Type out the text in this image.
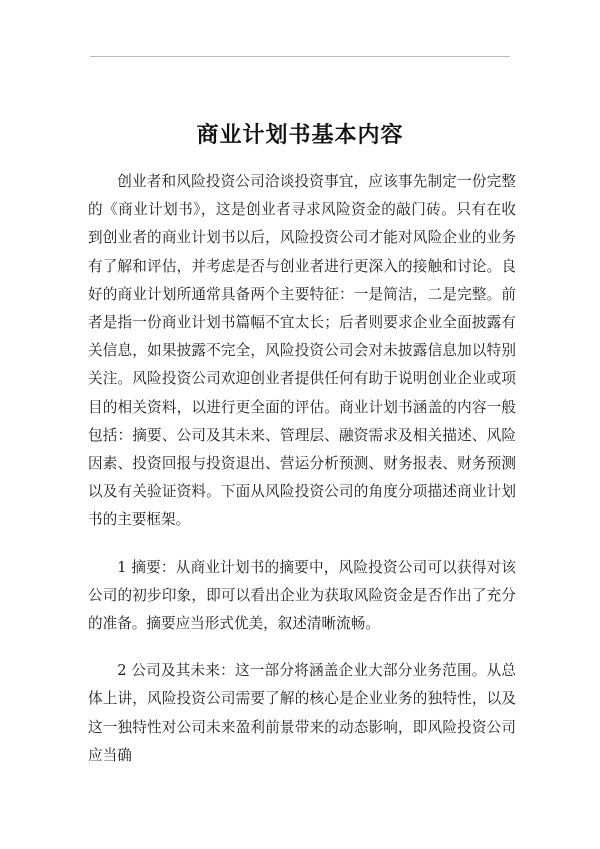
商业计划书基本内容

创业者和风险投资公司洽谈投资事宜，应该事先制定一份完整的《商业计划书》，这是创业者寻求风险资金的敲门砖。只有在收到创业者的商业计划书以后，风险投资公司才能对风险企业的业务有了解和评估，并考虑是否与创业者进行更深入的接触和讨论。良好的商业计划所通常具备两个主要特征：一是简洁，二是完整。前者是指一份商业计划书篇幅不宜太长；后者则要求企业全面披露有关信息，如果披露不完全，风险投资公司会对未披露信息加以特别关注。风险投资公司欢迎创业者提供任何有助于说明创业企业或项目的相关资料，以进行更全面的评估。商业计划书涵盖的内容一般包括：摘要、公司及其未来、管理层、融资需求及相关描述、风险因素、投资回报与投资退出、营运分析预测、财务报表、财务预测以及有关验证资料。下面从风险投资公司的角度分项描述商业计划书的主要框架。

1 摘要：从商业计划书的摘要中，风险投资公司可以获得对该公司的初步印象，即可以看出企业为获取风险资金是否作出了充分的准备。摘要应当形式优美，叙述清晰流畅。

2 公司及其未来：这一部分将涵盖企业大部分业务范围。从总体上讲，风险投资公司需要了解的核心是企业业务的独特性，以及这一独特性对公司未来盈利前景带来的动态影响，即风险投资公司应当确
